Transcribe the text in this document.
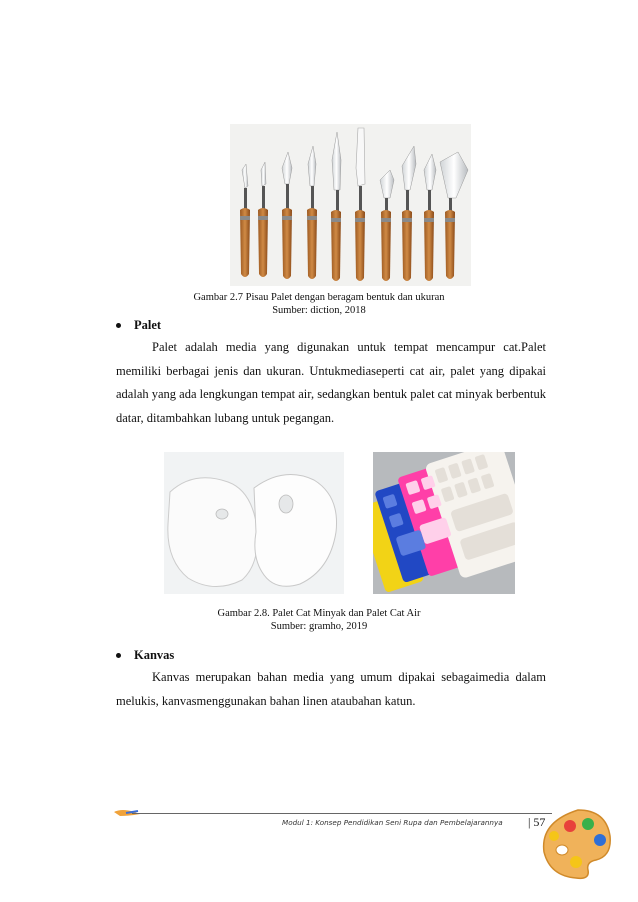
Gambar 2.7 Pisau Palet dengan beragam bentuk dan ukuran
Sumber: diction, 2018
Palet

Palet adalah media yang digunakan untuk tempat mencampur cat.Palet memiliki berbagai jenis dan ukuran. Untukmediaseperti cat air, palet yang dipakai adalah yang ada lengkungan tempat air, sedangkan bentuk palet cat minyak berbentuk datar, ditambahkan lubang untuk pegangan.

Gambar 2.8. Palet Cat Minyak dan Palet Cat Air
Sumber: gramho, 2019
Kanvas

Kanvas merupakan bahan media yang umum dipakai sebagaimedia dalam melukis, kanvasmenggunakan bahan linen ataubahan katun.

Modul 1: Konsep Pendidikan Seni Rupa dan Pembelajarannya | 57
